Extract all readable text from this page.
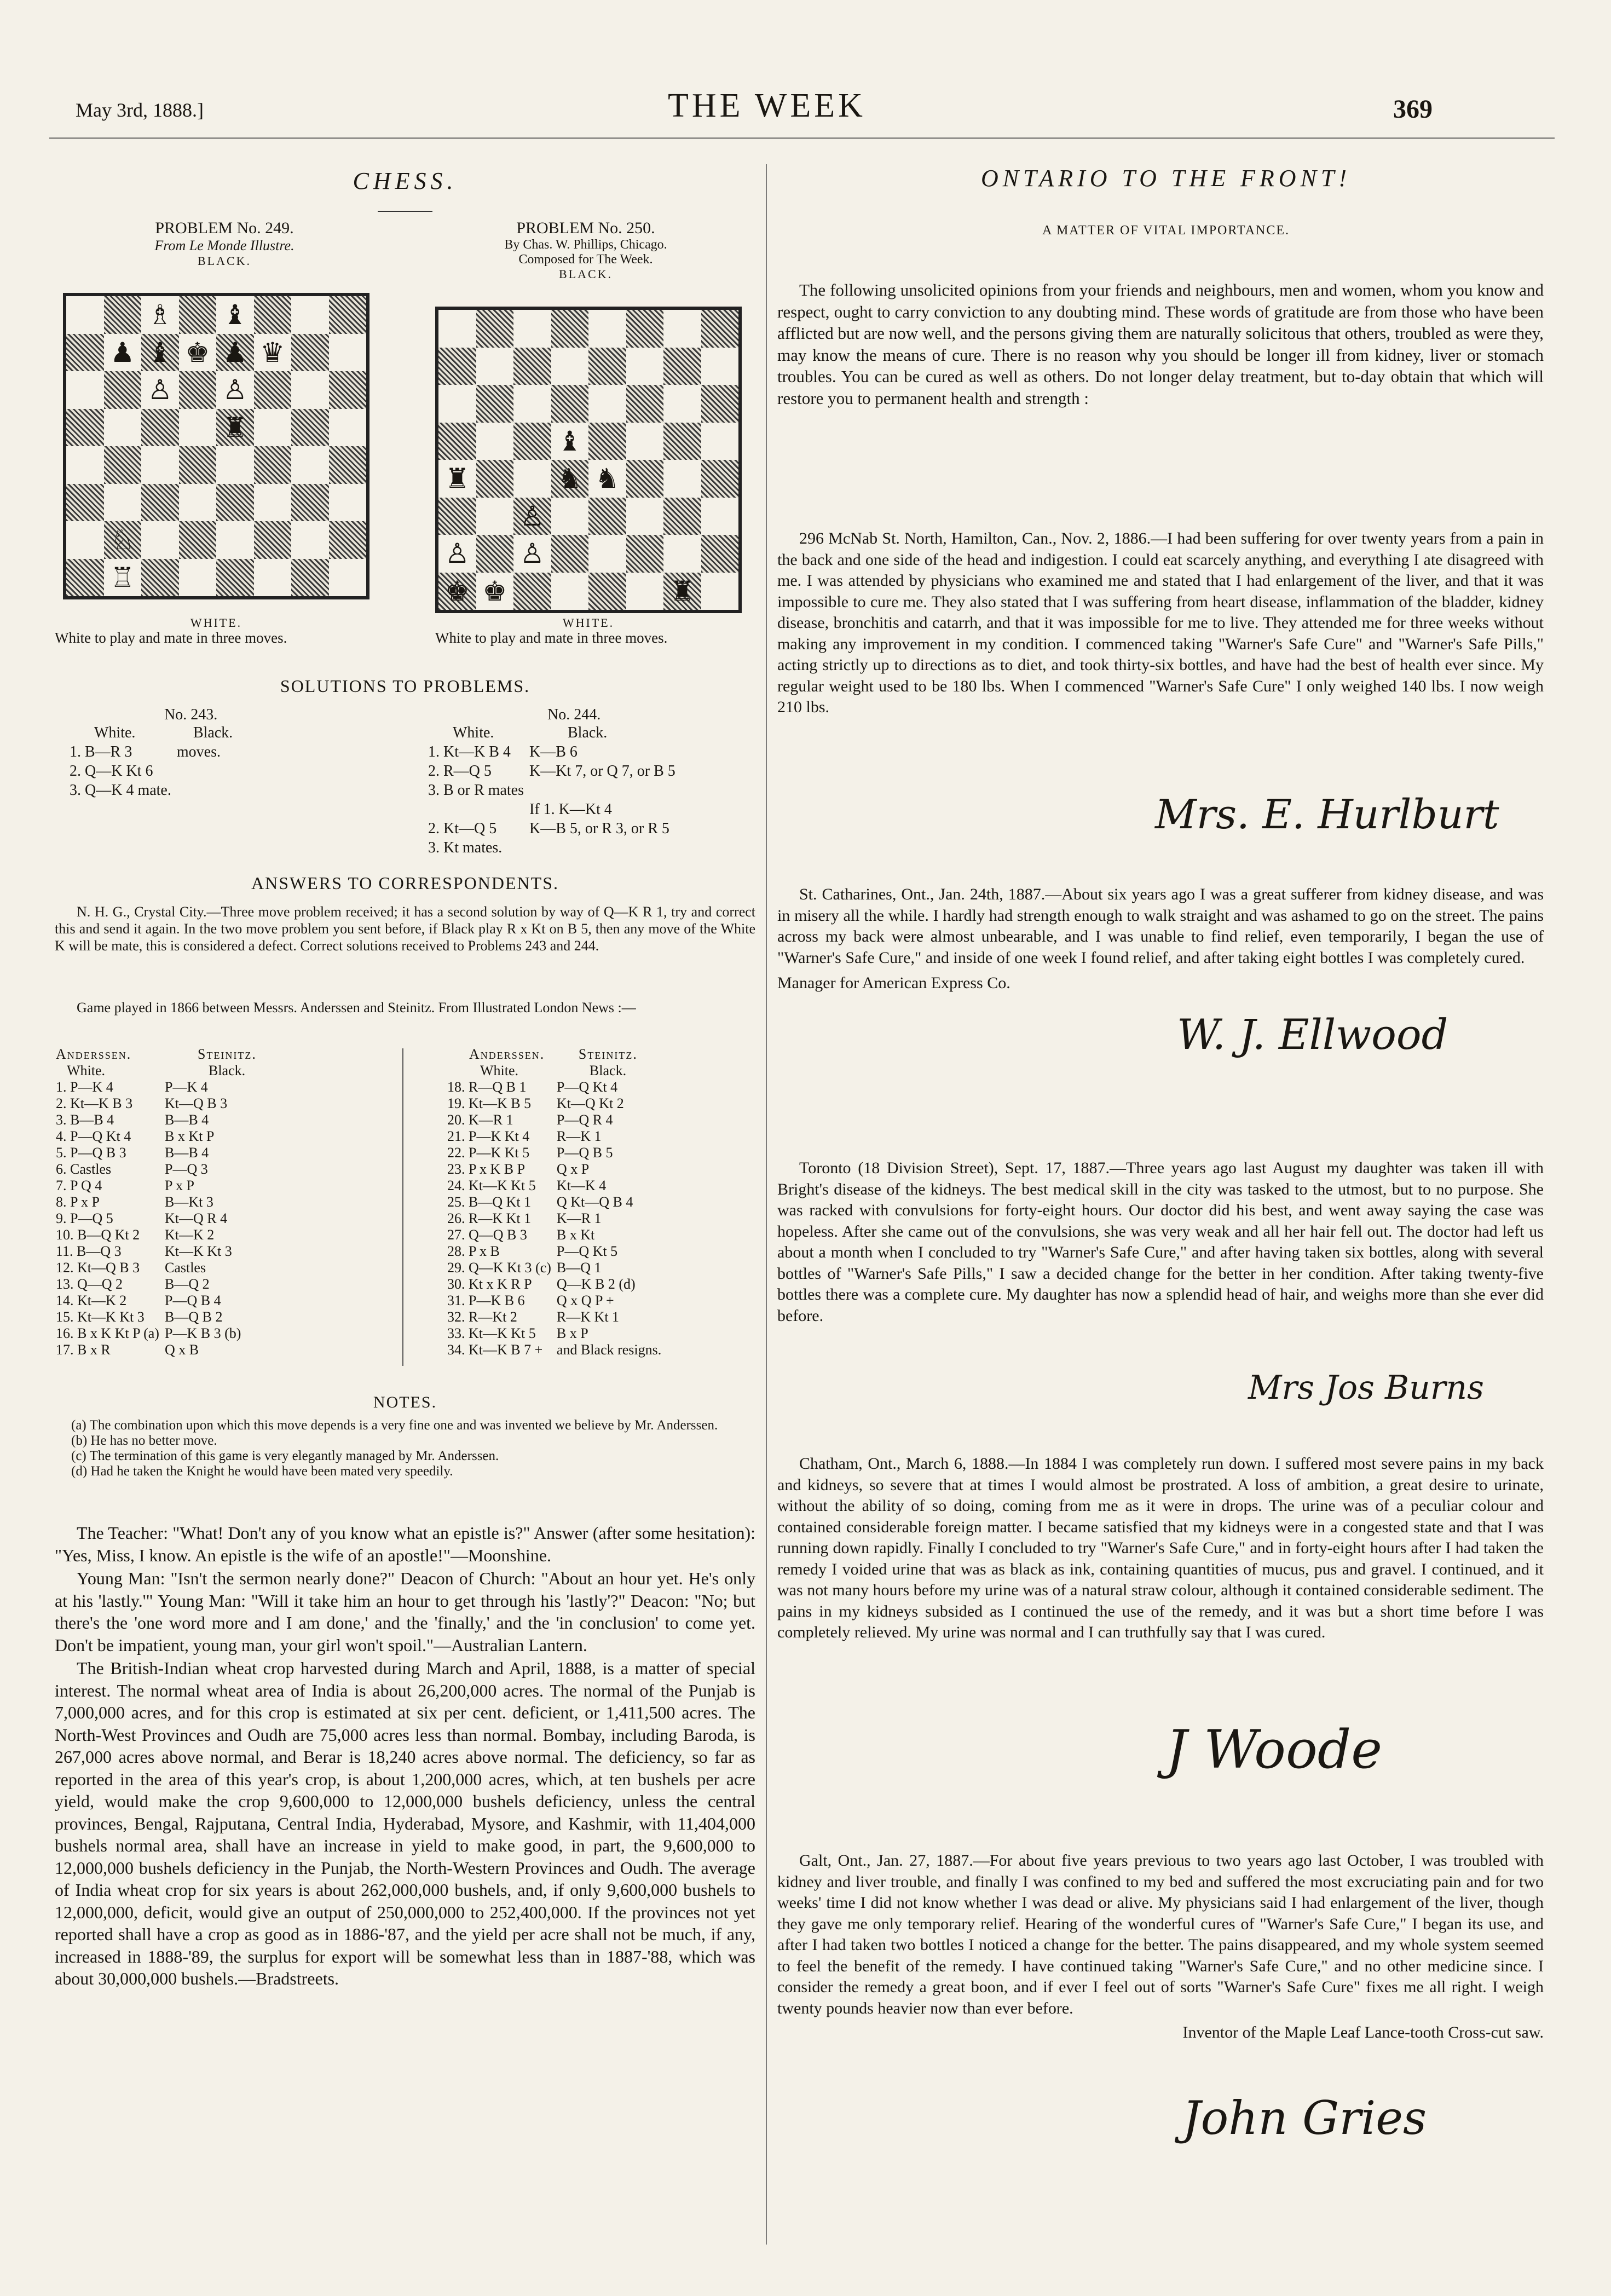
May 3rd, 1888.]	THE WEEK	369
CHESS.
PROBLEM No. 249.
From Le Monde Illustre.
BLACK.
♗ ♝
♟ ♝ ♚ ♟ ♛
♙ ♙
♜
♘
♖
WHITE.
White to play and mate in three moves.
PROBLEM No. 250.
By Chas. W. Phillips, Chicago.
Composed for The Week.
BLACK.
♝
♜	♞ ♞
♙
♙ ♙
♚ ♚	♜
WHITE.
White to play and mate in three moves.
SOLUTIONS TO PROBLEMS.
No. 243.	No. 244.
White.	Black.
1. B—R 3	moves.
2. Q—K Kt 6	
3. Q—K 4 mate.	
White.	Black.
1. Kt—K B 4	K—B 6
2. R—Q 5	K—Kt 7, or Q 7, or B 5
3. B or R mates	
	If 1. K—Kt 4
2. Kt—Q 5	K—B 5, or R 3, or R 5
3. Kt mates.	
ANSWERS TO CORRESPONDENTS.

N. H. G., Crystal City.—Three move problem received; it has a second solution by way of Q—K R 1, try and correct this and send it again. In the two move problem you sent before, if Black play R x Kt on B 5, then any move of the White K will be mate, this is considered a defect. Correct solutions received to Problems 243 and 244.

Game played in 1866 between Messrs. Anderssen and Steinitz. From Illustrated London News :—

Anderssen.	Steinitz.
White.	Black.
1. P—K 4	P—K 4
2. Kt—K B 3	Kt—Q B 3
3. B—B 4	B—B 4
4. P—Q Kt 4	B x Kt P
5. P—Q B 3	B—B 4
6. Castles	P—Q 3
7. P Q 4	P x P
8. P x P	B—Kt 3
9. P—Q 5	Kt—Q R 4
10. B—Q Kt 2	Kt—K 2
11. B—Q 3	Kt—K Kt 3
12. Kt—Q B 3	Castles
13. Q—Q 2	B—Q 2
14. Kt—K 2	P—Q B 4
15. Kt—K Kt 3	B—Q B 2
16. B x K Kt P (a)	P—K B 3 (b)
17. B x R	Q x B
Anderssen.	Steinitz.
White.	Black.
18. R—Q B 1	P—Q Kt 4
19. Kt—K B 5	Kt—Q Kt 2
20. K—R 1	P—Q R 4
21. P—K Kt 4	R—K 1
22. P—K Kt 5	P—Q B 5
23. P x K B P	Q x P
24. Kt—K Kt 5	Kt—K 4
25. B—Q Kt 1	Q Kt—Q B 4
26. R—K Kt 1	K—R 1
27. Q—Q B 3	B x Kt
28. P x B	P—Q Kt 5
29. Q—K Kt 3 (c)	B—Q 1
30. Kt x K R P	Q—K B 2 (d)
31. P—K B 6	Q x Q P +
32. R—Kt 2	R—K Kt 1
33. Kt—K Kt 5	B x P
34. Kt—K B 7 +	and Black resigns.
NOTES.
(a) The combination upon which this move depends is a very fine one and was invented we believe by Mr. Anderssen.
(b) He has no better move.
(c) The termination of this game is very elegantly managed by Mr. Anderssen.
(d) Had he taken the Knight he would have been mated very speedily.

The Teacher: "What! Don't any of you know what an epistle is?" Answer (after some hesitation): "Yes, Miss, I know. An epistle is the wife of an apostle!"—Moonshine.

Young Man: "Isn't the sermon nearly done?" Deacon of Church: "About an hour yet. He's only at his 'lastly.'" Young Man: "Will it take him an hour to get through his 'lastly'?" Deacon: "No; but there's the 'one word more and I am done,' and the 'finally,' and the 'in conclusion' to come yet. Don't be impatient, young man, your girl won't spoil."—Australian Lantern.

The British-Indian wheat crop harvested during March and April, 1888, is a matter of special interest. The normal wheat area of India is about 26,200,000 acres. The normal of the Punjab is 7,000,000 acres, and for this crop is estimated at six per cent. deficient, or 1,411,500 acres. The North-West Provinces and Oudh are 75,000 acres less than normal. Bombay, including Baroda, is 267,000 acres above normal, and Berar is 18,240 acres above normal. The deficiency, so far as reported in the area of this year's crop, is about 1,200,000 acres, which, at ten bushels per acre yield, would make the crop 9,600,000 to 12,000,000 bushels deficiency, unless the central provinces, Bengal, Rajputana, Central India, Hyderabad, Mysore, and Kashmir, with 11,404,000 bushels normal area, shall have an increase in yield to make good, in part, the 9,600,000 to 12,000,000 bushels deficiency in the Punjab, the North-Western Provinces and Oudh. The average of India wheat crop for six years is about 262,000,000 bushels, and, if only 9,600,000 bushels to 12,000,000, deficit, would give an output of 250,000,000 to 252,400,000. If the provinces not yet reported shall have a crop as good as in 1886-'87, and the yield per acre shall not be much, if any, increased in 1888-'89, the surplus for export will be somewhat less than in 1887-'88, which was about 30,000,000 bushels.—Bradstreets.

ONTARIO TO THE FRONT!
A MATTER OF VITAL IMPORTANCE.

The following unsolicited opinions from your friends and neighbours, men and women, whom you know and respect, ought to carry conviction to any doubting mind. These words of gratitude are from those who have been afflicted but are now well, and the persons giving them are naturally solicitous that others, troubled as were they, may know the means of cure. There is no reason why you should be longer ill from kidney, liver or stomach troubles. You can be cured as well as others. Do not longer delay treatment, but to-day obtain that which will restore you to permanent health and strength :

296 McNab St. North, Hamilton, Can., Nov. 2, 1886.—I had been suffering for over twenty years from a pain in the back and one side of the head and indigestion. I could eat scarcely anything, and everything I ate disagreed with me. I was attended by physicians who examined me and stated that I had enlargement of the liver, and that it was impossible to cure me. They also stated that I was suffering from heart disease, inflammation of the bladder, kidney disease, bronchitis and catarrh, and that it was impossible for me to live. They attended me for three weeks without making any improvement in my condition. I commenced taking "Warner's Safe Cure" and "Warner's Safe Pills," acting strictly up to directions as to diet, and took thirty-six bottles, and have had the best of health ever since. My regular weight used to be 180 lbs. When I commenced "Warner's Safe Cure" I only weighed 140 lbs. I now weigh 210 lbs.

Mrs. E. Hurlburt

St. Catharines, Ont., Jan. 24th, 1887.—About six years ago I was a great sufferer from kidney disease, and was in misery all the while. I hardly had strength enough to walk straight and was ashamed to go on the street. The pains across my back were almost unbearable, and I was unable to find relief, even temporarily, I began the use of "Warner's Safe Cure," and inside of one week I found relief, and after taking eight bottles I was completely cured.

Manager for American Express Co.

W. J. Ellwood

Toronto (18 Division Street), Sept. 17, 1887.—Three years ago last August my daughter was taken ill with Bright's disease of the kidneys. The best medical skill in the city was tasked to the utmost, but to no purpose. She was racked with convulsions for forty-eight hours. Our doctor did his best, and went away saying the case was hopeless. After she came out of the convulsions, she was very weak and all her hair fell out. The doctor had left us about a month when I concluded to try "Warner's Safe Cure," and after having taken six bottles, along with several bottles of "Warner's Safe Pills," I saw a decided change for the better in her condition. After taking twenty-five bottles there was a complete cure. My daughter has now a splendid head of hair, and weighs more than she ever did before.

Mrs Jos Burns

Chatham, Ont., March 6, 1888.—In 1884 I was completely run down. I suffered most severe pains in my back and kidneys, so severe that at times I would almost be prostrated. A loss of ambition, a great desire to urinate, without the ability of so doing, coming from me as it were in drops. The urine was of a peculiar colour and contained considerable foreign matter. I became satisfied that my kidneys were in a congested state and that I was running down rapidly. Finally I concluded to try "Warner's Safe Cure," and in forty-eight hours after I had taken the remedy I voided urine that was as black as ink, containing quantities of mucus, pus and gravel. I continued, and it was not many hours before my urine was of a natural straw colour, although it contained considerable sediment. The pains in my kidneys subsided as I continued the use of the remedy, and it was but a short time before I was completely relieved. My urine was normal and I can truthfully say that I was cured.

J Woode

Galt, Ont., Jan. 27, 1887.—For about five years previous to two years ago last October, I was troubled with kidney and liver trouble, and finally I was confined to my bed and suffered the most excruciating pain and for two weeks' time I did not know whether I was dead or alive. My physicians said I had enlargement of the liver, though they gave me only temporary relief. Hearing of the wonderful cures of "Warner's Safe Cure," I began its use, and after I had taken two bottles I noticed a change for the better. The pains disappeared, and my whole system seemed to feel the benefit of the remedy. I have continued taking "Warner's Safe Cure," and no other medicine since. I consider the remedy a great boon, and if ever I feel out of sorts "Warner's Safe Cure" fixes me all right. I weigh twenty pounds heavier now than ever before.

Inventor of the Maple Leaf Lance-tooth Cross-cut saw.

John Gries
